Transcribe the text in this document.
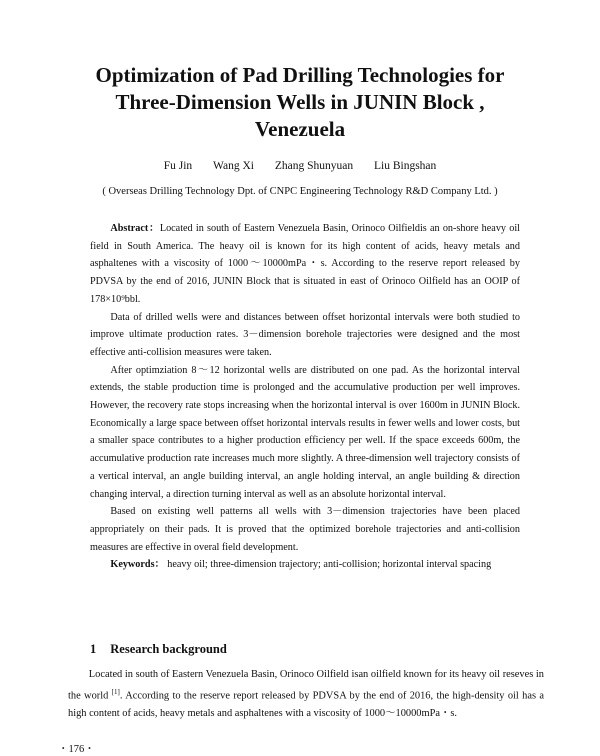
Optimization of Pad Drilling Technologies for
Three-Dimension Wells in JUNIN Block ,
Venezuela
Fu Jin Wang Xi Zhang Shunyuan Liu Bingshan
( Overseas Drilling Technology Dpt. of CNPC Engineering Technology R&D Company Ltd. )

Abstract：Located in south of Eastern Venezuela Basin, Orinoco Oilfieldis an on-shore heavy oil field in South America. The heavy oil is known for its high content of acids, heavy metals and asphaltenes with a viscosity of 1000～10000mPa・s. According to the reserve report released by PDVSA by the end of 2016, JUNIN Block that is situated in east of Orinoco Oilfield has an OOIP of 178×10⁹bbl.

Data of drilled wells were and distances between offset horizontal intervals were both studied to improve ultimate production rates. 3－dimension borehole trajectories were designed and the most effective anti-collision measures were taken.

After optimziation 8～12 horizontal wells are distributed on one pad. As the horizontal interval extends, the stable production time is prolonged and the accumulative production per well improves. However, the recovery rate stops increasing when the horizontal interval is over 1600m in JUNIN Block. Economically a large space between offset horizontal intervals results in fewer wells and lower costs, but a smaller space contributes to a higher production efficiency per well. If the space exceeds 600m, the accumulative production rate increases much more slightly. A three-dimension well trajectory consists of a vertical interval, an angle building interval, an angle holding interval, an angle building & direction changing interval, a direction turning interval as well as an absolute horizontal interval.

Based on existing well patterns all wells with 3－dimension trajectories have been placed appropriately on their pads. It is proved that the optimized borehole trajectories and anti-collision measures are effective in overal field development.

Keywords： heavy oil; three-dimension trajectory; anti-collision; horizontal interval spacing

1 Research background

Located in south of Eastern Venezuela Basin, Orinoco Oilfield isan oilfield known for its heavy oil reseves in the world [1]. According to the reserve report released by PDVSA by the end of 2016, the high-density oil has a high content of acids, heavy metals and asphaltenes with a viscosity of 1000～10000mPa・s.

・176・
